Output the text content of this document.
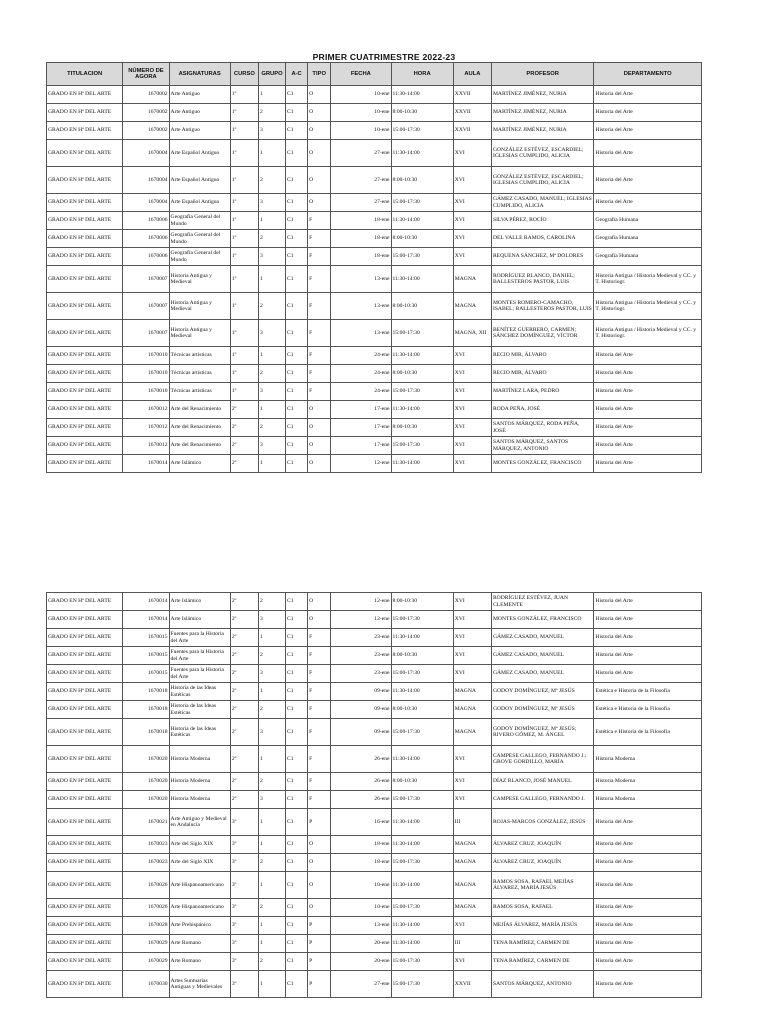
PRIMER CUATRIMESTRE 2022-23
TITULACION	NÚMERO DE AGORA	ASIGNATURAS	CURSO	GRUPO	A-C	TIPO	FECHA	HORA	AULA	PROFESOR	DEPARTAMENTO
GRADO EN Hª DEL ARTE	1670002	Arte Antiguo	1º	1	C1	O	10-ene	11:30-14:00	XXVII	MARTÍNEZ JIMÉNEZ, NURIA	Historia del Arte
GRADO EN Hª DEL ARTE	1670002	Arte Antiguo	1º	2	C1	O	10-ene	8:00-10:30	XXVII	MARTÍNEZ JIMÉNEZ, NURIA	Historia del Arte
GRADO EN Hª DEL ARTE	1670002	Arte Antiguo	1º	3	C1	O	10-ene	15:00-17:30	XXVII	MARTÍNEZ JIMÉNEZ, NURIA	Historia del Arte
GRADO EN Hª DEL ARTE	1670004	Arte Español Antiguo	1º	1	C1	O	27-ene	11:30-14:00	XVI	GONZÁLEZ ESTÉVEZ, ESCARDIEL; IGLESIAS CUMPLIDO, ALICIA	Historia del Arte
GRADO EN Hª DEL ARTE	1670004	Arte Español Antiguo	1º	2	C1	O	27-ene	8:00-10:30	XVI	GONZÁLEZ ESTÉVEZ, ESCARDIEL; IGLESIAS CUMPLIDO, ALICIA	Historia del Arte
GRADO EN Hª DEL ARTE	1670004	Arte Español Antiguo	1º	3	C1	O	27-ene	15:00-17:30	XVI	GÁMEZ CASADO, MANUEL; IGLESIAS CUMPLIDO, ALICIA	Historia del Arte
GRADO EN Hª DEL ARTE	1670006	Geografía General del Mundo	1º	1	C1	F	18-ene	11:30-14:00	XVI	SILVA PÉREZ, ROCÍO	Geografía Humana
GRADO EN Hª DEL ARTE	1670006	Geografía General del Mundo	1º	2	C1	F	18-ene	8:00-10:30	XVI	DEL VALLE RAMOS, CAROLINA	Geografía Humana
GRADO EN Hª DEL ARTE	1670006	Geografía General del Mundo	1º	3	C1	F	18-ene	15:00-17:30	XVI	REQUENA SÁNCHEZ, Mª DOLORES	Geografía Humana
GRADO EN Hª DEL ARTE	1670007	Historia Antigua y Medieval	1º	1	C1	F	13-ene	11:30-14:00	MAGNA	RODRÍGUEZ BLANCO, DANIEL; BALLESTEROS PASTOR, LUIS	Historia Antigua / Historia Medieval y CC. y T. Historiogr.
GRADO EN Hª DEL ARTE	1670007	Historia Antigua y Medieval	1º	2	C1	F	13-ene	8:00-10:30	MAGNA	MONTES ROMERO-CAMACHO, ISABEL; BALLESTEROS PASTOR, LUIS	Historia Antigua / Historia Medieval y CC. y T. Historiogr.
GRADO EN Hª DEL ARTE	1670007	Historia Antigua y Medieval	1º	3	C1	F	13-ene	15:00-17:30	MAGNA, XII	BENÍTEZ GUERRERO, CARMEN; SÁNCHEZ DOMÍNGUEZ, VÍCTOR	Historia Antigua / Historia Medieval y CC. y T. Historiogr.
GRADO EN Hª DEL ARTE	1670010	Técnicas artísticas	1º	1	C1	F	24-ene	11:30-14:00	XVI	RECIO MIR, ÁLVARO	Historia del Arte
GRADO EN Hª DEL ARTE	1670010	Técnicas artísticas	1º	2	C1	F	24-ene	8:00-10:30	XVI	RECIO MIR, ÁLVARO	Historia del Arte
GRADO EN Hª DEL ARTE	1670010	Técnicas artísticas	1º	3	C1	F	24-ene	15:00-17:30	XVI	MARTÍNEZ LARA, PEDRO	Historia del Arte
GRADO EN Hª DEL ARTE	1670012	Arte del Renacimiento	2º	1	C1	O	17-ene	11:30-14:00	XVI	RODA PEÑA, JOSÉ	Historia del Arte
GRADO EN Hª DEL ARTE	1670012	Arte del Renacimiento	2º	2	C1	O	17-ene	8:00-10:30	XVI	SANTOS MÁRQUEZ, RODA PEÑA, JOSÉ	Historia del Arte
GRADO EN Hª DEL ARTE	1670012	Arte del Renacimiento	2º	3	C1	O	17-ene	15:00-17:30	XVI	SANTOS MÁRQUEZ, SANTOS MÁRQUEZ, ANTONIO	Historia del Arte
GRADO EN Hª DEL ARTE	1670014	Arte Islámico	2º	1	C1	O	12-ene	11:30-14:00	XVI	MONTES GONZÁLEZ, FRANCISCO	Historia del Arte
GRADO EN Hª DEL ARTE	1670014	Arte Islámico	2º	2	C1	O	12-ene	8:00-10:30	XVI	RODRÍGUEZ ESTÉVEZ, JUAN CLEMENTE	Historia del Arte
GRADO EN Hª DEL ARTE	1670014	Arte Islámico	2º	3	C1	O	12-ene	15:00-17:30	XVI	MONTES GONZÁLEZ, FRANCISCO	Historia del Arte
GRADO EN Hª DEL ARTE	1670015	Fuentes para la Historia del Arte	2º	1	C1	F	23-ene	11:30-14:00	XVI	GÁMEZ CASADO, MANUEL	Historia del Arte
GRADO EN Hª DEL ARTE	1670015	Fuentes para la Historia del Arte	2º	2	C1	F	23-ene	8:00-10:30	XVI	GÁMEZ CASADO, MANUEL	Historia del Arte
GRADO EN Hª DEL ARTE	1670015	Fuentes para la Historia del Arte	2º	3	C1	F	23-ene	15:00-17:30	XVI	GÁMEZ CASADO, MANUEL	Historia del Arte
GRADO EN Hª DEL ARTE	1670018	Historia de las Ideas Estéticas	2º	1	C1	F	09-ene	11:30-14:00	MAGNA	GODOY DOMÍNGUEZ, Mª JESÚS	Estética e Historia de la Filosofía
GRADO EN Hª DEL ARTE	1670018	Historia de las Ideas Estéticas	2º	2	C1	F	09-ene	8:00-10:30	MAGNA	GODOY DOMÍNGUEZ, Mª JESÚS	Estética e Historia de la Filosofía
GRADO EN Hª DEL ARTE	1670018	Historia de las Ideas Estéticas	2º	3	C1	F	09-ene	15:00-17:30	MAGNA	GODOY DOMÍNGUEZ, Mª JESÚS; RIVERO GÓMEZ, M. ÁNGEL	Estética e Historia de la Filosofía
GRADO EN Hª DEL ARTE	1670020	Historia Moderna	2º	1	C1	F	26-ene	11:30-14:00	XVI	CAMPESE GALLEGO, FERNANDO J.; GROVE GORDILLO, MARÍA	Historia Moderna
GRADO EN Hª DEL ARTE	1670020	Historia Moderna	2º	2	C1	F	26-ene	8:00-10:30	XVI	DÍAZ BLANCO, JOSÉ MANUEL	Historia Moderna
GRADO EN Hª DEL ARTE	1670020	Historia Moderna	2º	3	C1	F	26-ene	15:00-17:30	XVI	CAMPESE GALLEGO, FERNANDO J.	Historia Moderna
GRADO EN Hª DEL ARTE	1670021	Arte Antiguo y Medieval en Andalucía	3º	1	C1	P	16-ene	11:30-14:00	III	ROJAS-MARCOS GONZÁLEZ, JESÚS	Historia del Arte
GRADO EN Hª DEL ARTE	1670023	Arte del Siglo XIX	3º	1	C1	O	18-ene	11:30-14:00	MAGNA	ÁLVAREZ CRUZ, JOAQUÍN	Historia del Arte
GRADO EN Hª DEL ARTE	1670023	Arte del Siglo XIX	3º	2	C1	O	18-ene	15:00-17:30	MAGNA	ÁLVAREZ CRUZ, JOAQUÍN	Historia del Arte
GRADO EN Hª DEL ARTE	1670026	Arte Hispanoamericano	3º	1	C1	O	10-ene	11:30-14:00	MAGNA	RAMOS SOSA, RAFAEL MEJÍAS ÁLVAREZ, MARÍA JESÚS	Historia del Arte
GRADO EN Hª DEL ARTE	1670026	Arte Hispanoamericano	3º	2	C1	O	10-ene	15:00-17:30	MAGNA	RAMOS SOSA, RAFAEL	Historia del Arte
GRADO EN Hª DEL ARTE	1670028	Arte Prehispánico	3º	1	C1	P	13-ene	11:30-14:00	XVI	MEJÍAS ÁLVAREZ, MARÍA JESÚS	Historia del Arte
GRADO EN Hª DEL ARTE	1670029	Arte Romano	3º	1	C1	P	20-ene	11:30-14:00	III	TENA RAMÍREZ, CARMEN DE	Historia del Arte
GRADO EN Hª DEL ARTE	1670029	Arte Romano	3º	2	C1	P	20-ene	15:00-17:30	XVI	TENA RAMÍREZ, CARMEN DE	Historia del Arte
GRADO EN Hª DEL ARTE	1670030	Artes Suntuarias Antiguas y Medievales	3º	1	C1	P	27-ene	15:00-17:30	XXVII	SANTOS MÁRQUEZ, ANTONIO	Historia del Arte
